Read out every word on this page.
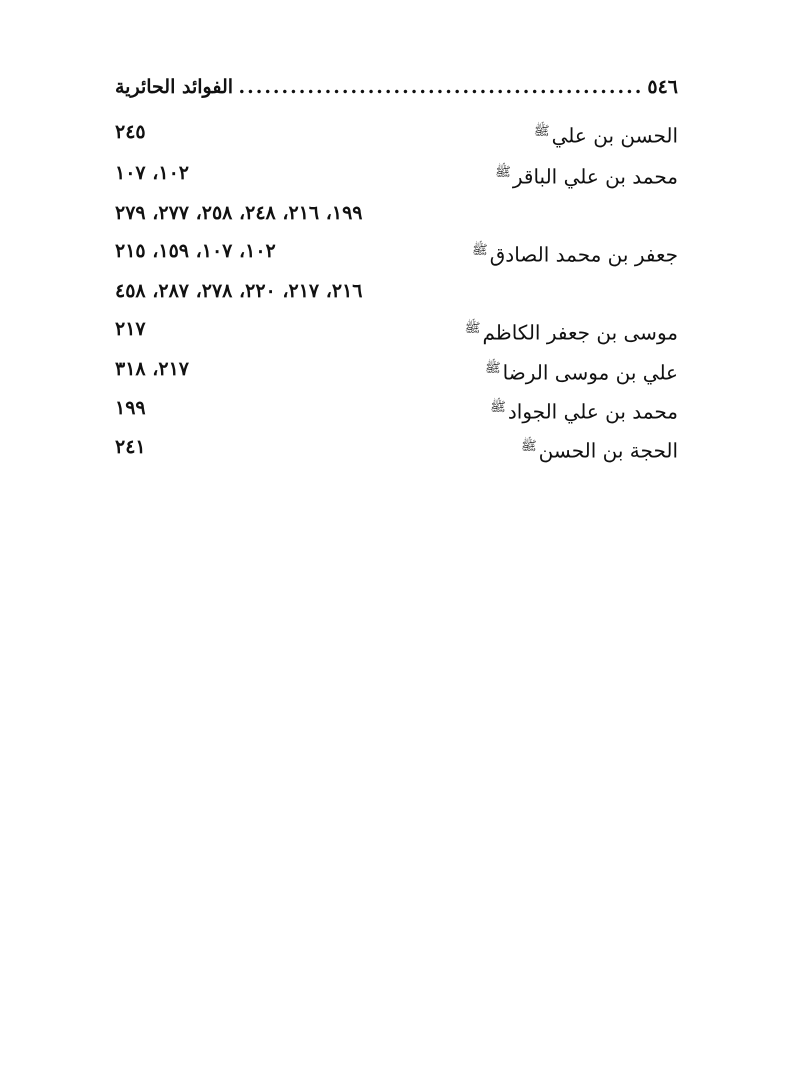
٥٤٦
.....
الفوائد الحائرية
الحسن بن علي$^ﷺ$
٢٤٥
محمد بن علي الباقر$^ﷺ$
١٠٢، ١٠٧
١٩٩، ٢١٦، ٢٤٨، ٢٥٨، ٢٧٧، ٢٧٩
جعفر بن محمد الصادق$^ﷺ$
١٠٢، ١٠٧، ١٥٩، ٢١٥
٢١٦، ٢١٧، ٢٢٠، ٢٧٨، ٢٨٧، ٤٥٨
موسى بن جعفر الكاظم$^ﷺ$
٢١٧
علي بن موسى الرضا$^ﷺ$
٢١٧، ٣١٨
محمد بن علي الجواد$^ﷺ$
١٩٩
الحجة بن الحسن$^ﷺ$
٢٤١
